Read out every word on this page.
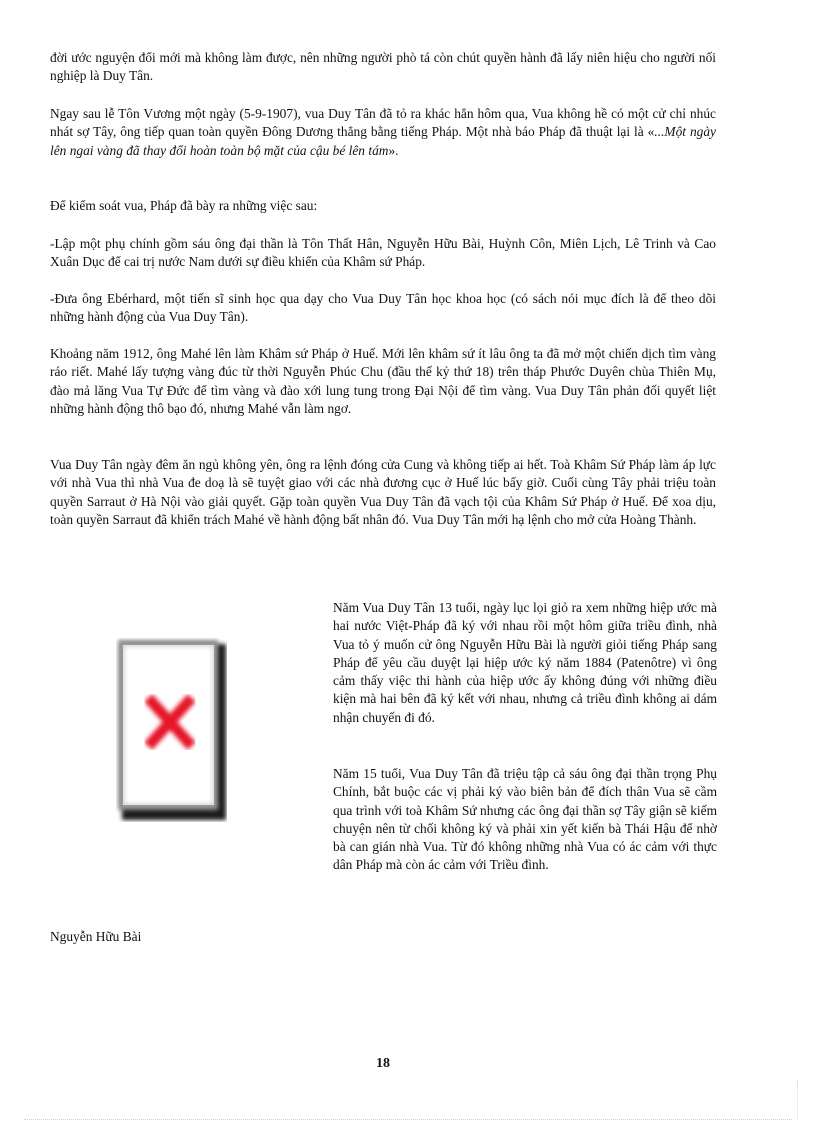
đời ước nguyện đổi mới mà không làm được, nên những người phò tá còn chút quyền hành đã lấy niên hiệu cho người nối nghiệp là Duy Tân.

Ngay sau lễ Tôn Vương một ngày (5-9-1907), vua Duy Tân đã tỏ ra khác hẳn hôm qua, Vua không hề có một cử chỉ nhúc nhát sợ Tây, ông tiếp quan toàn quyền Đông Dương thẳng bằng tiếng Pháp. Một nhà báo Pháp đã thuật lại là «...Một ngày lên ngai vàng đã thay đổi hoàn toàn bộ mặt của cậu bé lên tám».

Để kiểm soát vua, Pháp đã bày ra những việc sau:

-Lập một phụ chính gồm sáu ông đại thần là Tôn Thất Hân, Nguyễn Hữu Bài, Huỳnh Côn, Miên Lịch, Lê Trinh và Cao Xuân Dục để cai trị nước Nam dưới sự điều khiển của Khâm sứ Pháp.

-Đưa ông Ebérhard, một tiến sĩ sinh học qua dạy cho Vua Duy Tân học khoa học (có sách nói mục đích là để theo dõi những hành động của Vua Duy Tân).

Khoảng năm 1912, ông Mahé lên làm Khâm sứ Pháp ở Huế. Mới lên khâm sứ ít lâu ông ta đã mở một chiến dịch tìm vàng ráo riết. Mahé lấy tượng vàng đúc từ thời Nguyễn Phúc Chu (đầu thế kỷ thứ 18) trên tháp Phước Duyên chùa Thiên Mụ, đào mả lăng Vua Tự Đức để tìm vàng và đào xới lung tung trong Đại Nội để tìm vàng. Vua Duy Tân phản đối quyết liệt những hành động thô bạo đó, nhưng Mahé vẫn làm ngơ.

Vua Duy Tân ngày đêm ăn ngủ không yên, ông ra lệnh đóng cửa Cung và không tiếp ai hết. Toà Khâm Sứ Pháp làm áp lực với nhà Vua thì nhà Vua đe doạ là sẽ tuyệt giao với các nhà đương cục ở Huế lúc bấy giờ. Cuối cùng Tây phải triệu toàn quyền Sarraut ở Hà Nội vào giải quyết. Gặp toàn quyền Vua Duy Tân đã vạch tội của Khâm Sứ Pháp ở Huế. Để xoa dịu, toàn quyền Sarraut đã khiển trách Mahé về hành động bất nhân đó. Vua Duy Tân mới hạ lệnh cho mở cửa Hoàng Thành.

Năm Vua Duy Tân 13 tuổi, ngày lục lọi giỏ ra xem những hiệp ước mà hai nước Việt-Pháp đã ký với nhau rồi một hôm giữa triều đình, nhà Vua tỏ ý muốn cử ông Nguyễn Hữu Bài là người giỏi tiếng Pháp sang Pháp để yêu cầu duyệt lại hiệp ước ký năm 1884 (Patenôtre) vì ông cảm thấy việc thi hành của hiệp ước ấy không đúng với những điều kiện mà hai bên đã ký kết với nhau, nhưng cả triều đình không ai dám nhận chuyến đi đó.

Năm 15 tuổi, Vua Duy Tân đã triệu tập cả sáu ông đại thần trọng Phụ Chính, bắt buộc các vị phải ký vào biên bản để đích thân Vua sẽ cầm qua trình với toà Khâm Sứ nhưng các ông đại thần sợ Tây giận sẽ kiếm chuyện nên từ chối không ký và phải xin yết kiến bà Thái Hậu để nhờ bà can gián nhà Vua. Từ đó không những nhà Vua có ác cảm với thực dân Pháp mà còn ác cảm với Triều đình.

Nguyễn Hữu Bài

18
